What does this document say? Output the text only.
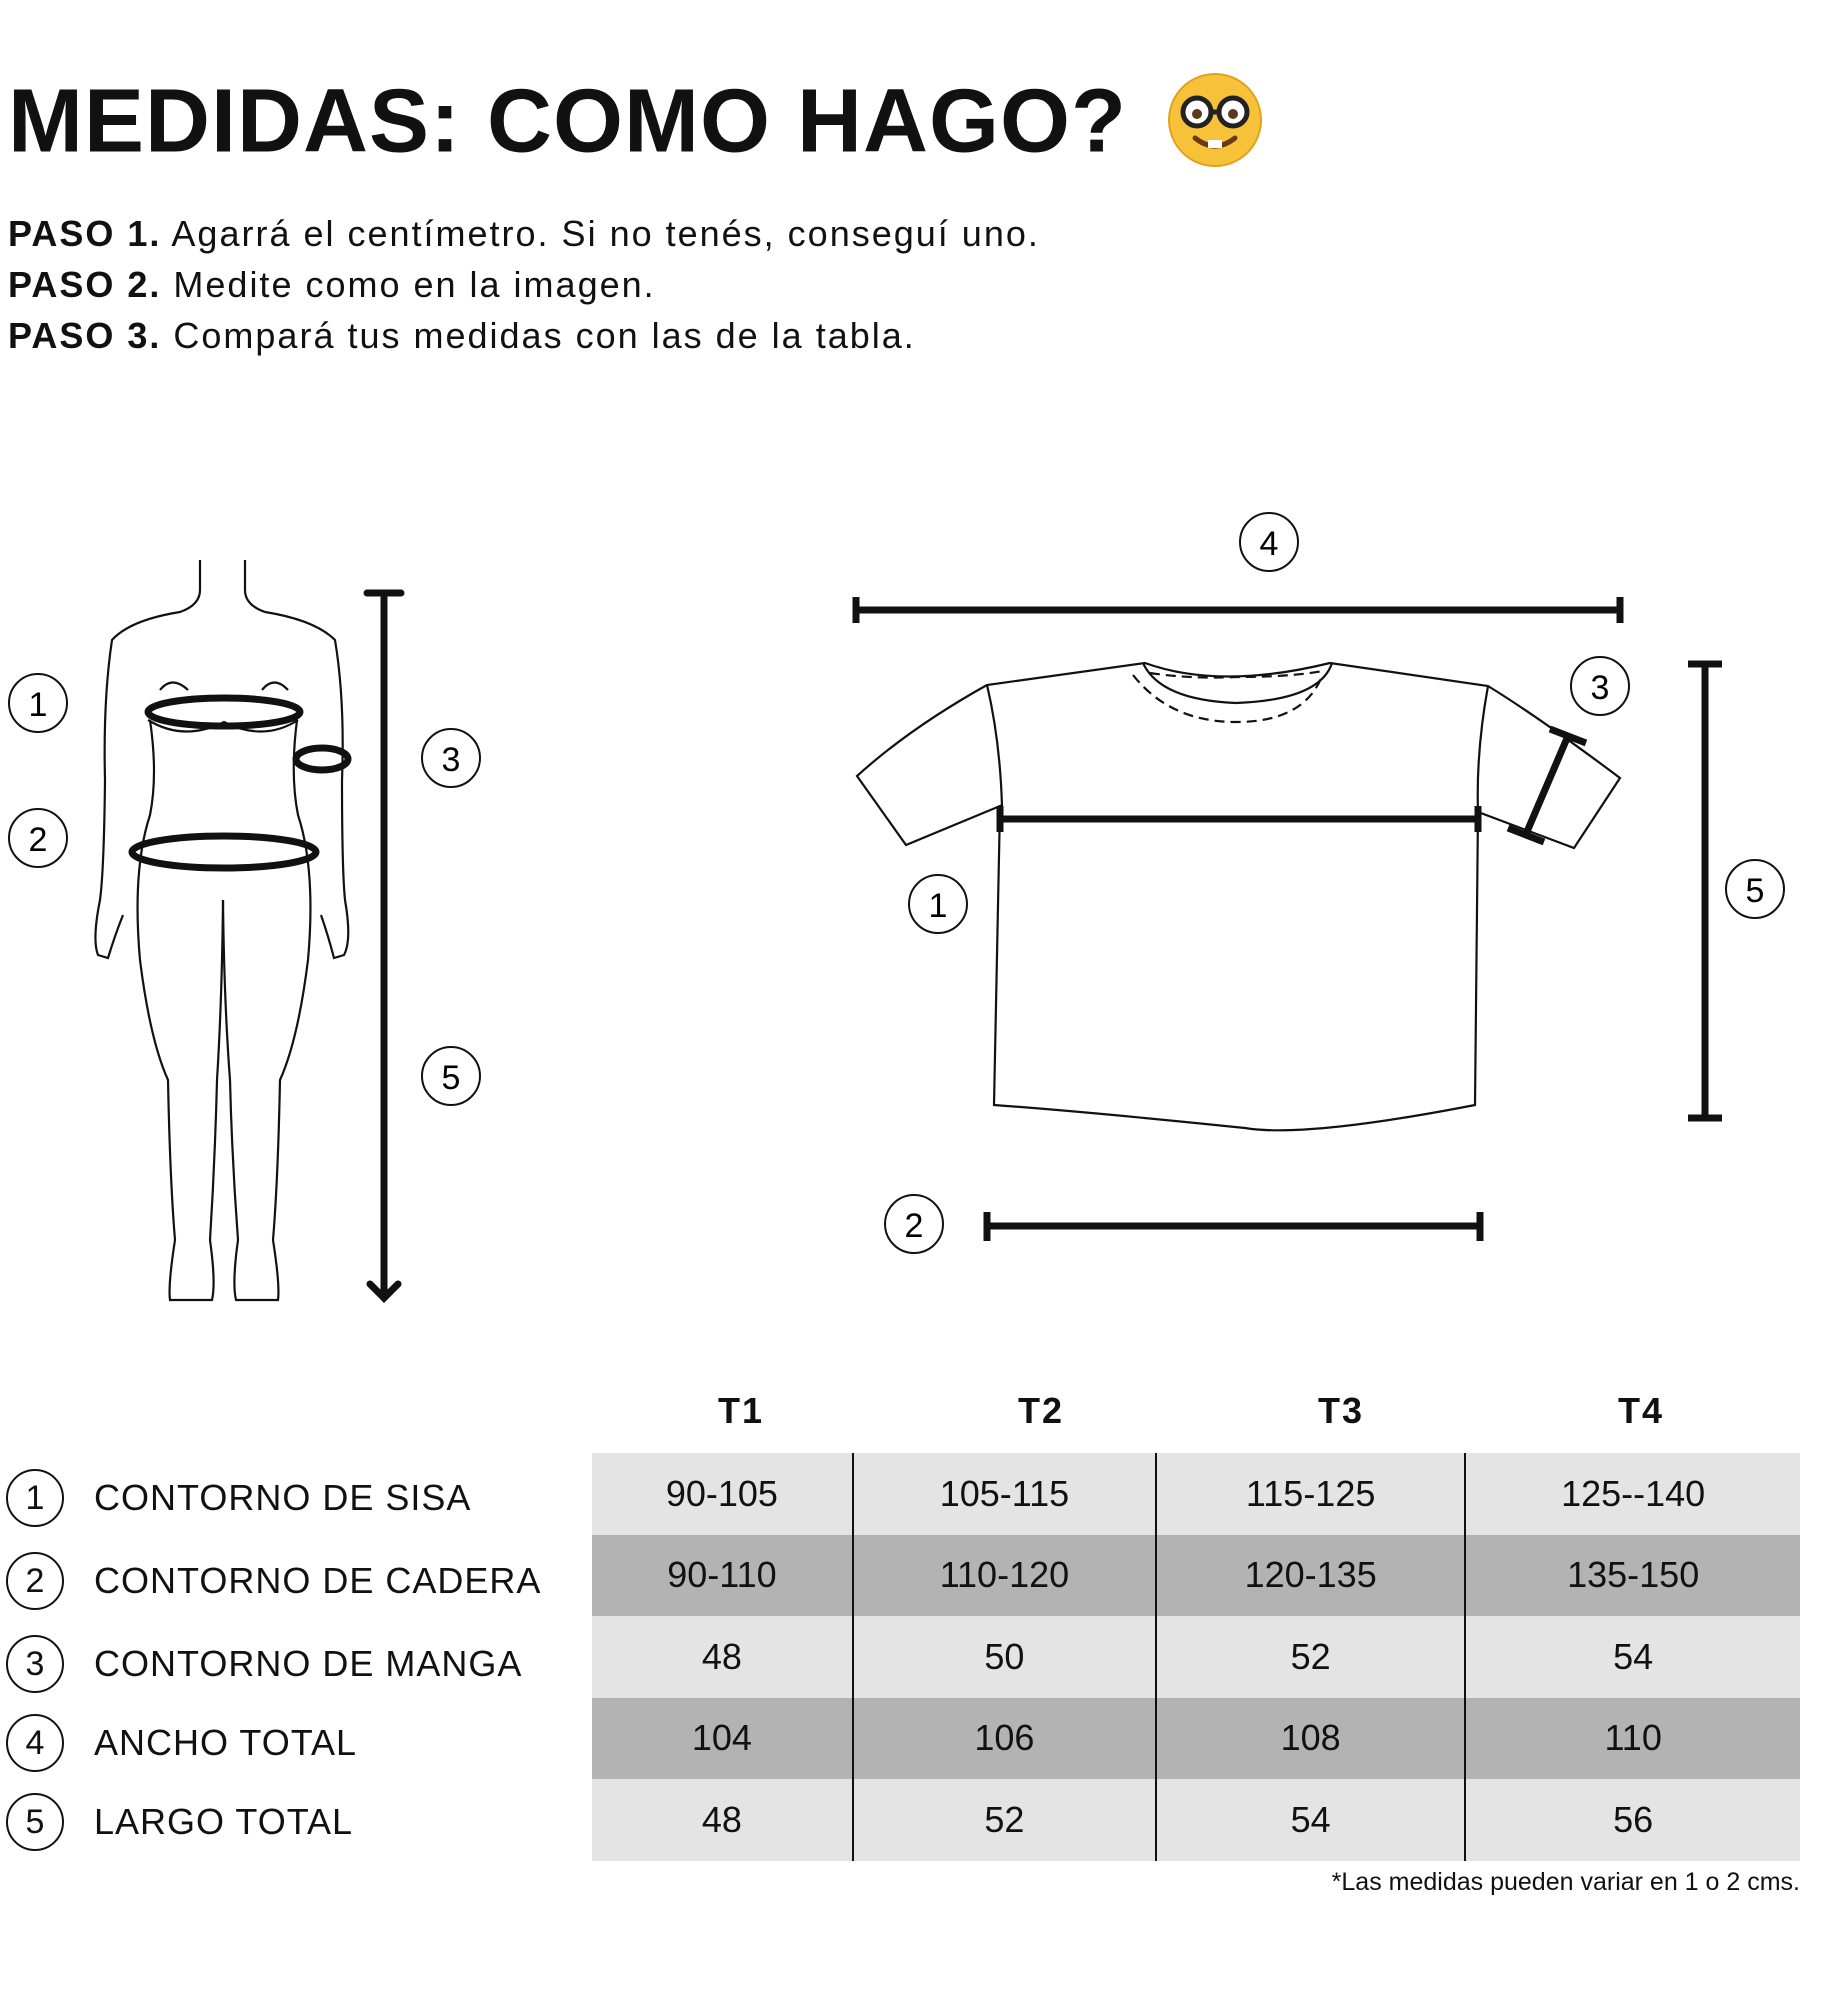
MEDIDAS: COMO HAGO?
PASO 1. Agarrá el centímetro. Si no tenés, conseguí uno.
PASO 2. Medite como en la imagen.
PASO 3. Compará tus medidas con las de la tabla.
1
2
3
5
4
3
1	5
2
T1	T2	T3	T4
1	CONTORNO DE SISA
2	CONTORNO DE CADERA
3	CONTORNO DE MANGA
4	ANCHO TOTAL
5	LARGO TOTAL
90-105	105-115	115-125	125--140
90-110	110-120	120-135	135-150
48	50	52	54
104	106	108	110
48	52	54	56
*Las medidas pueden variar en 1 o 2 cms.
